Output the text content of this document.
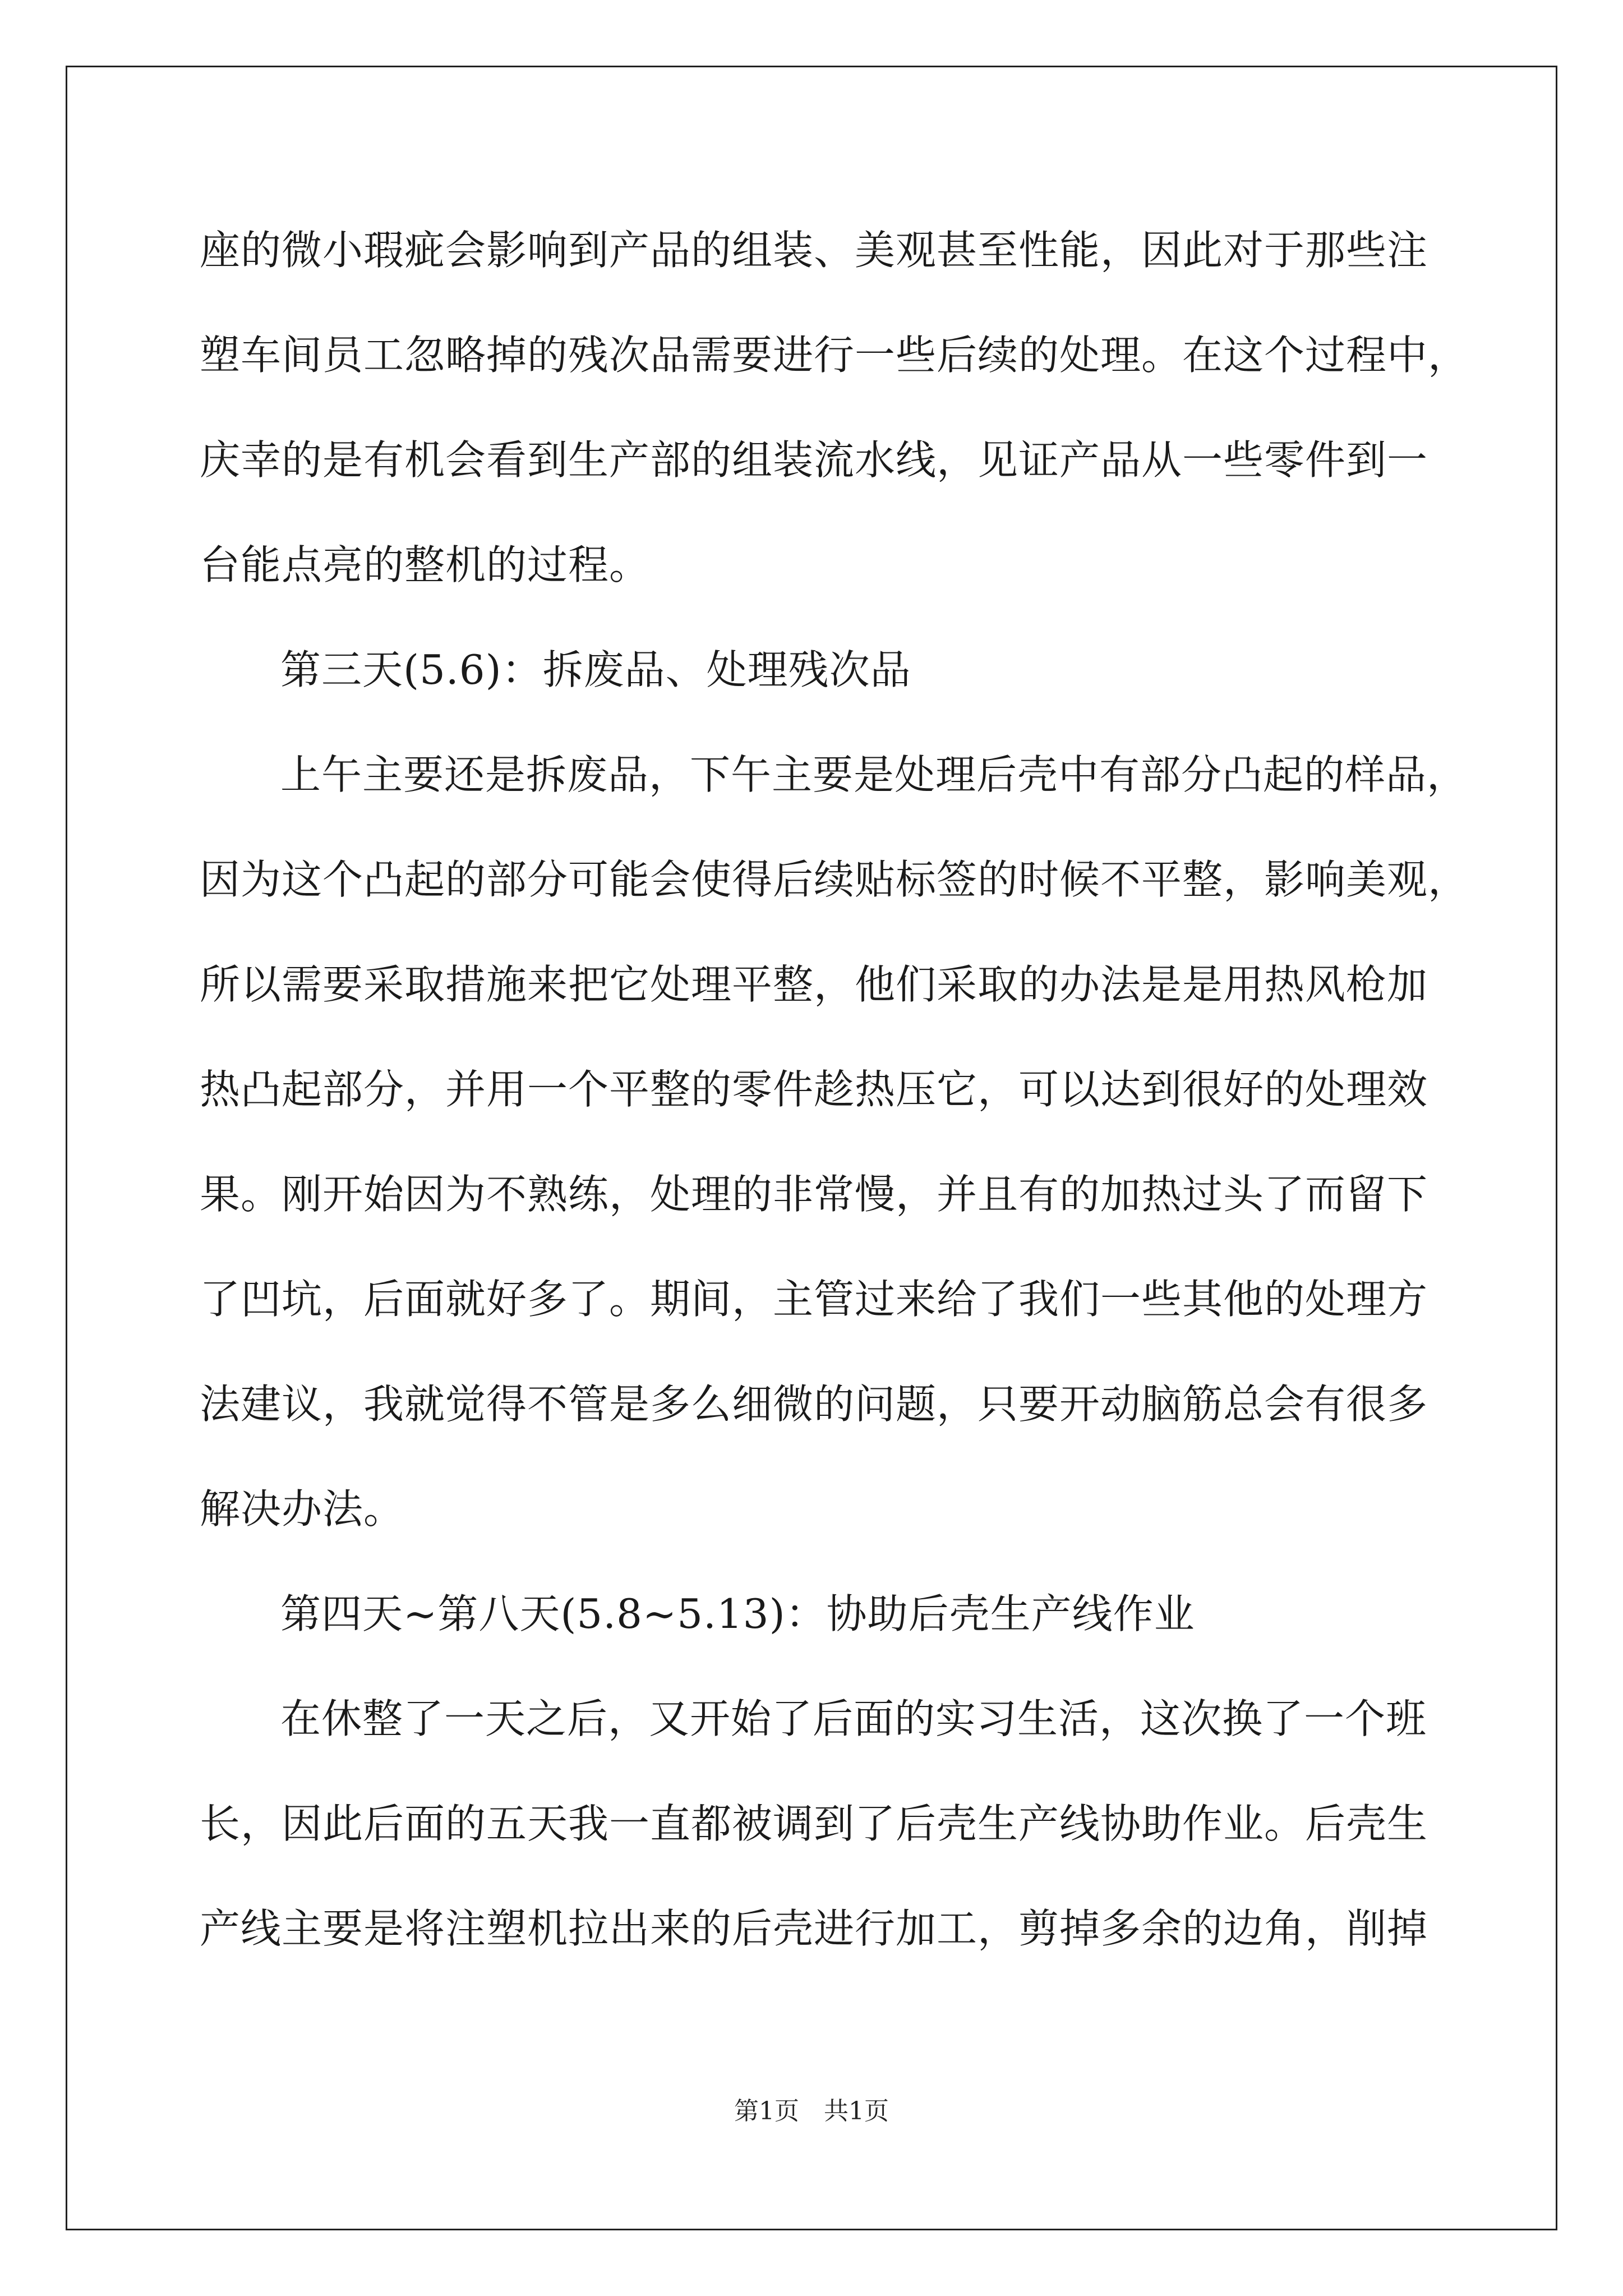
座的微小瑕疵会影响到产品的组装、美观甚至性能，因此对于那些注
塑车间员工忽略掉的残次品需要进行一些后续的处理。在这个过程中，
庆幸的是有机会看到生产部的组装流水线，见证产品从一些零件到一
台能点亮的整机的过程。
第三天(5.6)：拆废品、处理残次品
上午主要还是拆废品，下午主要是处理后壳中有部分凸起的样品，
因为这个凸起的部分可能会使得后续贴标签的时候不平整，影响美观，
所以需要采取措施来把它处理平整，他们采取的办法是是用热风枪加
热凸起部分，并用一个平整的零件趁热压它，可以达到很好的处理效
果。刚开始因为不熟练，处理的非常慢，并且有的加热过头了而留下
了凹坑，后面就好多了。期间，主管过来给了我们一些其他的处理方
法建议，我就觉得不管是多么细微的问题，只要开动脑筋总会有很多
解决办法。
第四天~第八天(5.8~5.13)：协助后壳生产线作业
在休整了一天之后，又开始了后面的实习生活，这次换了一个班
长，因此后面的五天我一直都被调到了后壳生产线协助作业。后壳生
产线主要是将注塑机拉出来的后壳进行加工，剪掉多余的边角，削掉
第1页　共1页
